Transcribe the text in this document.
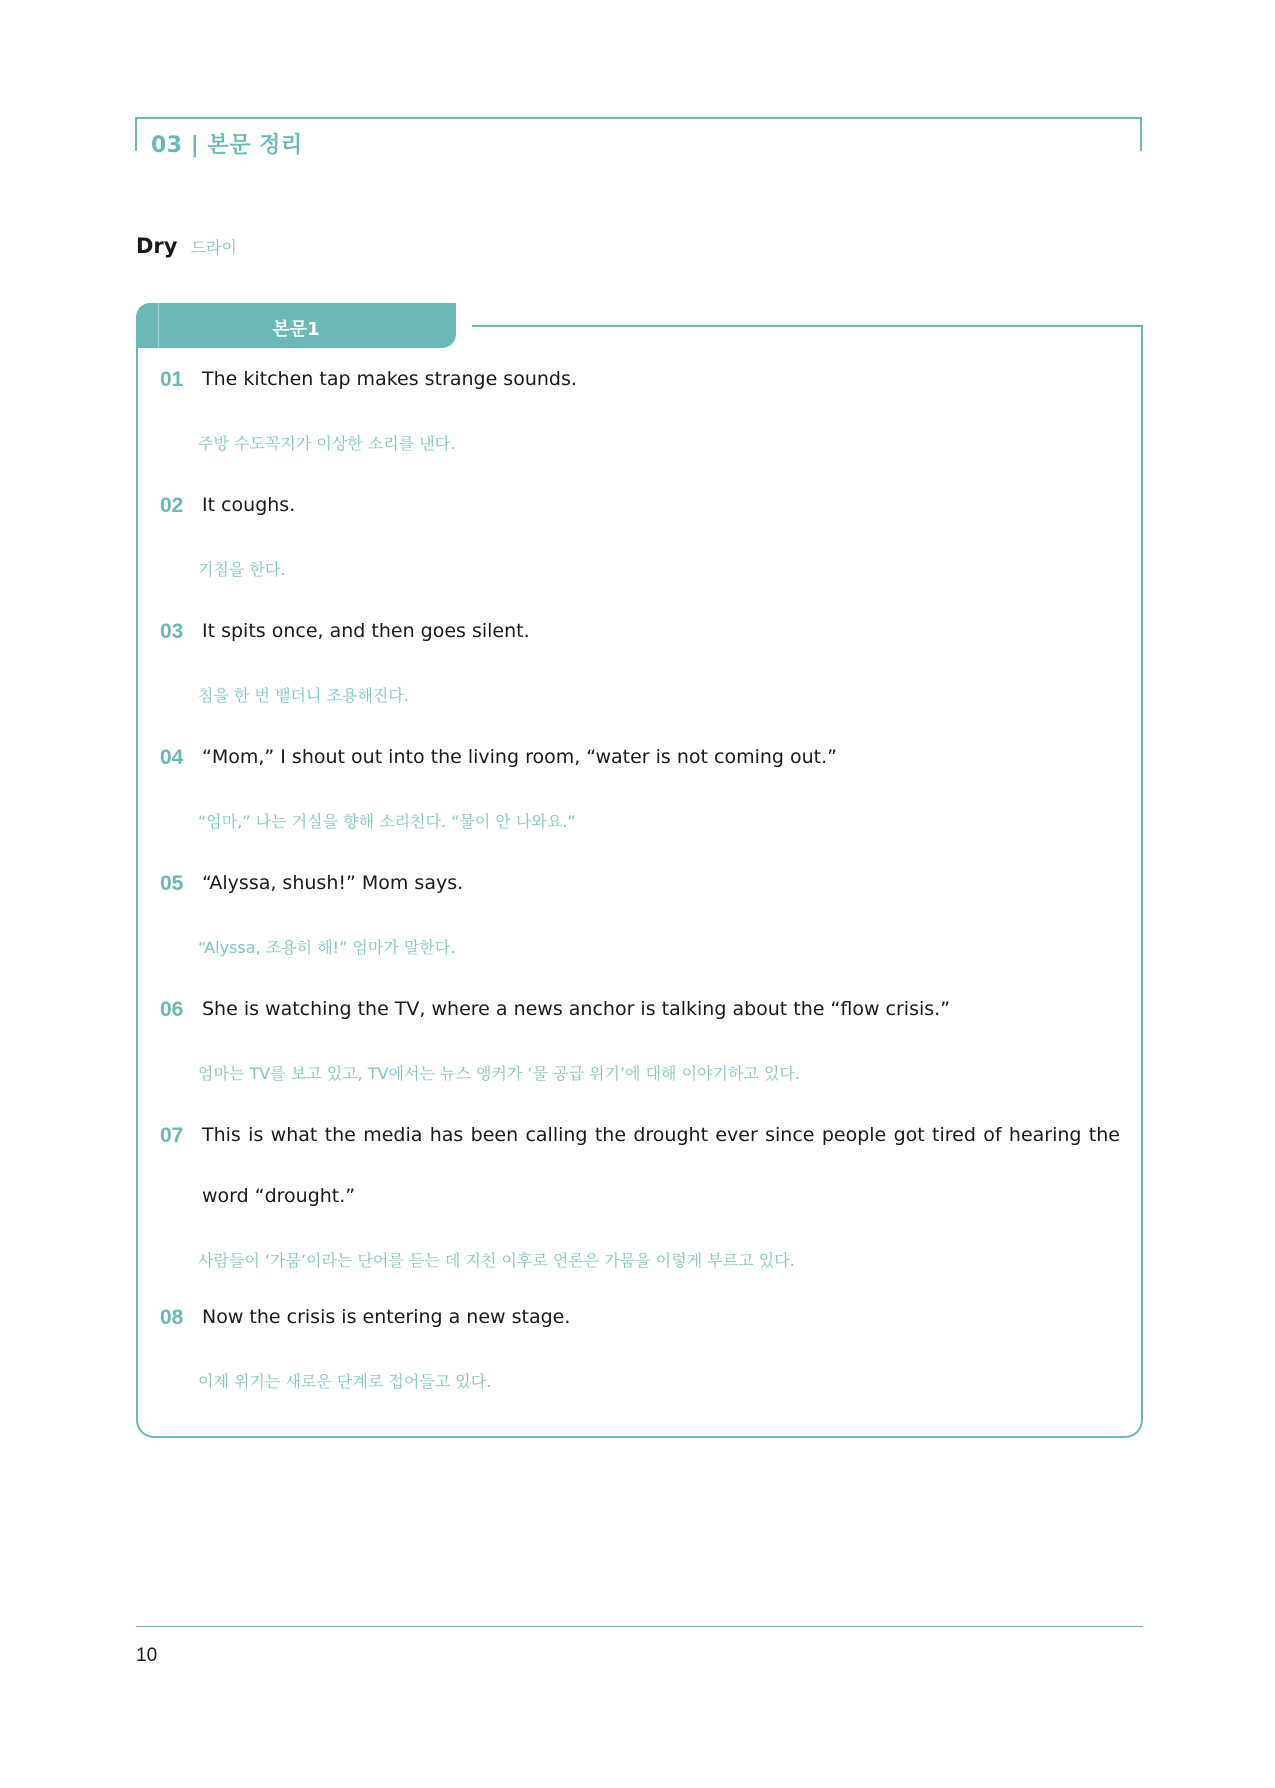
03 | 본문 정리
Dry 드라이
본문1
01 The kitchen tap makes strange sounds.
주방 수도꼭지가 이상한 소리를 낸다.
02 It coughs.
기침을 한다.
03 It spits once, and then goes silent.
침을 한 번 뱉더니 조용해진다.
04 “Mom,” I shout out into the living room, “water is not coming out.”
“엄마,” 나는 거실을 향해 소리친다. “물이 안 나와요.”
05 “Alyssa, shush!” Mom says.
“Alyssa, 조용히 해!” 엄마가 말한다.
06 She is watching the TV, where a news anchor is talking about the “flow crisis.”
엄마는 TV를 보고 있고, TV에서는 뉴스 앵커가 ‘물 공급 위기’에 대해 이야기하고 있다.
07 This is what the media has been calling the drought ever since people got tired of hearing the word “drought.”
사람들이 ‘가뭄’이라는 단어를 듣는 데 지친 이후로 언론은 가뭄을 이렇게 부르고 있다.
08 Now the crisis is entering a new stage.
이제 위기는 새로운 단계로 접어들고 있다.
10
